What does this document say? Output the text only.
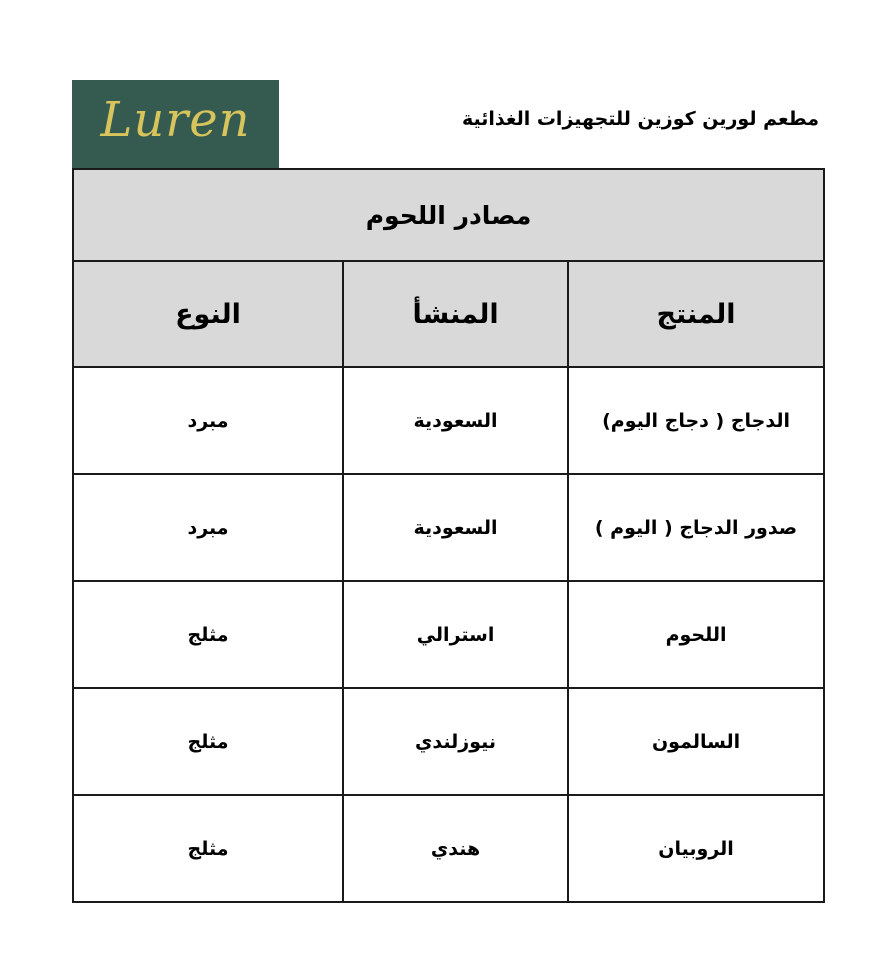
Luren	مطعم لورين كوزين للتجهيزات الغذائية
مصادر اللحوم		
المنتج	المنشأ	النوع
الدجاج ( دجاج اليوم)	السعودية	مبرد
صدور الدجاج ( اليوم )	السعودية	مبرد
اللحوم	استرالي	مثلج
السالمون	نيوزلندي	مثلج
الروبيان	هندي	مثلج
